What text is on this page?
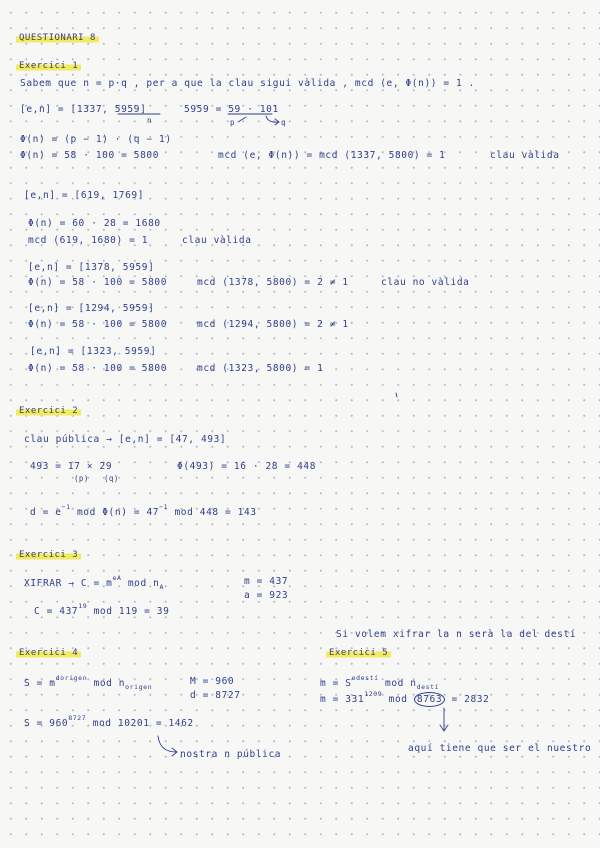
QUESTIONARI 8
Exercici 1
Sabem que n = p·q , per a que la clau sigui vàlida , mcd (e, Φ(n)) = 1 .
[e,n] = [1337, 5959]
n
5959 = 59 · 101
p	q
Φ(n) = (p − 1) · (q − 1)
Φ(n) = 58 · 100 = 5800	mcd (e, Φ(n)) = mcd (1337, 5800) = 1	clau vàlida
[e,n] = [619, 1769]
Φ(n) = 60 · 28 = 1680
mcd (619, 1680) = 1	clau vàlida
[e,n] = [1378, 5959]
Φ(n) = 58 · 100 = 5800	mcd (1378, 5800) = 2 ≠ 1	clau no vàlida
[e,n] = [1294, 5959]
Φ(n) = 58 · 100 = 5800	mcd (1294, 5800) = 2 ≠ 1
[e,n] = [1323, 5959]
Φ(n) = 58 · 100 = 5800	mcd (1323, 5800) = 1
Exercici 2
clau pública → [e,n] = [47, 493]
493 = 17 × 29
(p) (q)
Φ(493) = 16 · 28 = 448
$d = e^{-1}$ mod $\Phi(n) = 47^{-1}$ mod 448 = 143
Exercici 3
XIFRAR → $C = m^{eA}$ mod $n_A$
m = 437
a = 923
$C = 437^{19}$ mod 119 = 39
Si volem xifrar la n serà la del destí
Exercici 4
$S = m^{dorigen}$ mod $n_{origen}$
M = 960
d = 8727
$S = 960^{8727}$ mod 10201 = 1462
nostra n pública
Exercici 5
$m = S^{edestí}$ mod $n_{destí}$
$m = 331^{1209}$ mod 8763 = 2832
aquí tiene que ser el nuestro
